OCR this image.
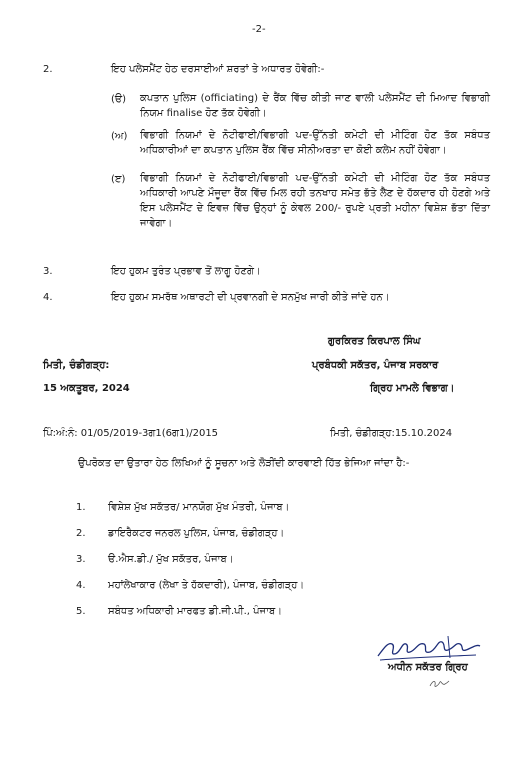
-2-
2.	ਇਹ ਪਲੇਸਮੈਂਟ ਹੇਠ ਦਰਸਾਈਆਂ ਸ਼ਰਤਾਂ ਤੇ ਅਧਾਰਤ ਹੋਵੇਗੀ:-
(ੳ) ਕਪਤਾਨ ਪੁਲਿਸ (officiating) ਦੇ ਰੈਂਕ ਵਿੱਚ ਕੀਤੀ ਜਾਣ ਵਾਲੀ ਪਲੇਸਮੈਂਟ ਦੀ ਮਿਆਦ ਵਿਭਾਗੀ ਨਿਯਮ finalise ਹੋਣ ਤੱਕ ਹੋਵੇਗੀ।
(ਅ) ਵਿਭਾਗੀ ਨਿਯਮਾਂ ਦੇ ਨੋਟੀਫਾਈ/ਵਿਭਾਗੀ ਪਦ-ਉੱਨਤੀ ਕਮੇਟੀ ਦੀ ਮੀਟਿੰਗ ਹੋਣ ਤੱਕ ਸਬੰਧਤ ਅਧਿਕਾਰੀਆਂ ਦਾ ਕਪਤਾਨ ਪੁਲਿਸ ਰੈਂਕ ਵਿੱਚ ਸੀਨੀਅਰਤਾ ਦਾ ਕੋਈ ਕਲੇਮ ਨਹੀਂ ਹੋਵੇਗਾ।
(ੲ) ਵਿਭਾਗੀ ਨਿਯਮਾਂ ਦੇ ਨੋਟੀਫਾਈ/ਵਿਭਾਗੀ ਪਦ-ਉੱਨਤੀ ਕਮੇਟੀ ਦੀ ਮੀਟਿੰਗ ਹੋਣ ਤੱਕ ਸਬੰਧਤ ਅਧਿਕਾਰੀ ਆਪਣੇ ਮੌਜੂਦਾ ਰੈਂਕ ਵਿੱਚ ਮਿਲ ਰਹੀ ਤਨਖਾਹ ਸਮੇਤ ਭੱਤੇ ਲੈਣ ਦੇ ਹੱਕਦਾਰ ਹੀ ਹੋਣਗੇ ਅਤੇ ਇਸ ਪਲੇਸਮੈਂਟ ਦੇ ਇਵਜ਼ ਵਿੱਚ ਉਨ੍ਹਾਂ ਨੂੰ ਕੇਵਲ 200/- ਰੁਪਏ ਪ੍ਰਤੀ ਮਹੀਨਾ ਵਿਸ਼ੇਸ਼ ਭੱਤਾ ਦਿੱਤਾ ਜਾਵੇਗਾ।
3.	ਇਹ ਹੁਕਮ ਤੁਰੰਤ ਪ੍ਰਭਾਵ ਤੋਂ ਲਾਗੂ ਹੋਣਗੇ।
4.	ਇਹ ਹੁਕਮ ਸਮਰੱਥ ਅਥਾਰਟੀ ਦੀ ਪ੍ਰਵਾਨਗੀ ਦੇ ਸਨਮੁੱਖ ਜਾਰੀ ਕੀਤੇ ਜਾਂਦੇ ਹਨ।
ਗੁਰਕਿਰਤ ਕਿਰਪਾਲ ਸਿੰਘ
ਪ੍ਰਬੰਧਕੀ ਸਕੱਤਰ, ਪੰਜਾਬ ਸਰਕਾਰ
ਗ੍ਰਿਹ ਮਾਮਲੇ ਵਿਭਾਗ।
ਮਿਤੀ, ਚੰਡੀਗੜ੍ਹ:
15 ਅਕਤੂਬਰ, 2024
ਪਿੰ:ਅੰ:ਨੰ: 01/05/2019-3ਗ1(6ਗ1)/2015	ਮਿਤੀ, ਚੰਡੀਗੜ੍ਹ:15.10.2024
ਉਪਰੋਕਤ ਦਾ ਉਤਾਰਾ ਹੇਠ ਲਿਖਿਆਂ ਨੂੰ ਸੂਚਨਾ ਅਤੇ ਲੋੜੀਂਦੀ ਕਾਰਵਾਈ ਹਿੱਤ ਭੇਜਿਆ ਜਾਂਦਾ ਹੈ:-
1. ਵਿਸ਼ੇਸ਼ ਮੁੱਖ ਸਕੱਤਰ/ ਮਾਨਯੋਗ ਮੁੱਖ ਮੰਤਰੀ, ਪੰਜਾਬ।
2. ਡਾਇਰੈਕਟਰ ਜਨਰਲ ਪੁਲਿਸ, ਪੰਜਾਬ, ਚੰਡੀਗੜ੍ਹ।
3. ੳ.ਐਸ.ਡੀ./ ਮੁੱਖ ਸਕੱਤਰ, ਪੰਜਾਬ।
4. ਮਹਾਂਲੇਖਾਕਾਰ (ਲੇਖਾ ਤੇ ਹੱਕਦਾਰੀ), ਪੰਜਾਬ, ਚੰਡੀਗੜ੍ਹ।
5. ਸਬੰਧਤ ਅਧਿਕਾਰੀ ਮਾਰਫਤ ਡੀ.ਜੀ.ਪੀ., ਪੰਜਾਬ।
ਅਧੀਨ ਸਕੱਤਰ ਗ੍ਰਿਹ
